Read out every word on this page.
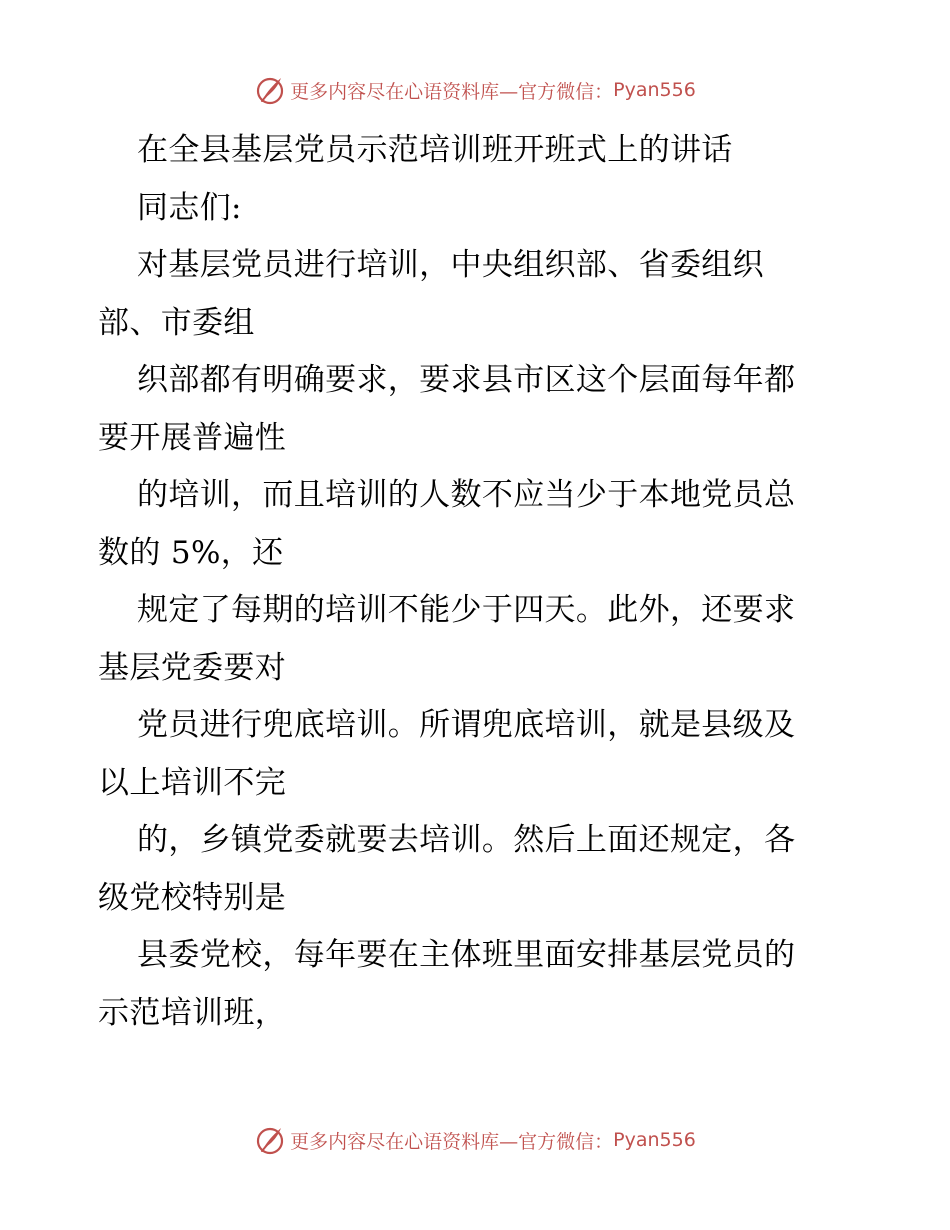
更多内容尽在心语资料库—官方微信： Pyan556
在全县基层党员示范培训班开班式上的讲话
同志们:
对基层党员进行培训，中央组织部、省委组织
部、市委组
织部都有明确要求，要求县市区这个层面每年都
要开展普遍性
的培训，而且培训的人数不应当少于本地党员总
数的 5%，还
规定了每期的培训不能少于四天。此外，还要求
基层党委要对
党员进行兜底培训。所谓兜底培训，就是县级及
以上培训不完
的，乡镇党委就要去培训。然后上面还规定，各
级党校特别是
县委党校，每年要在主体班里面安排基层党员的
示范培训班，
更多内容尽在心语资料库—官方微信： Pyan556
